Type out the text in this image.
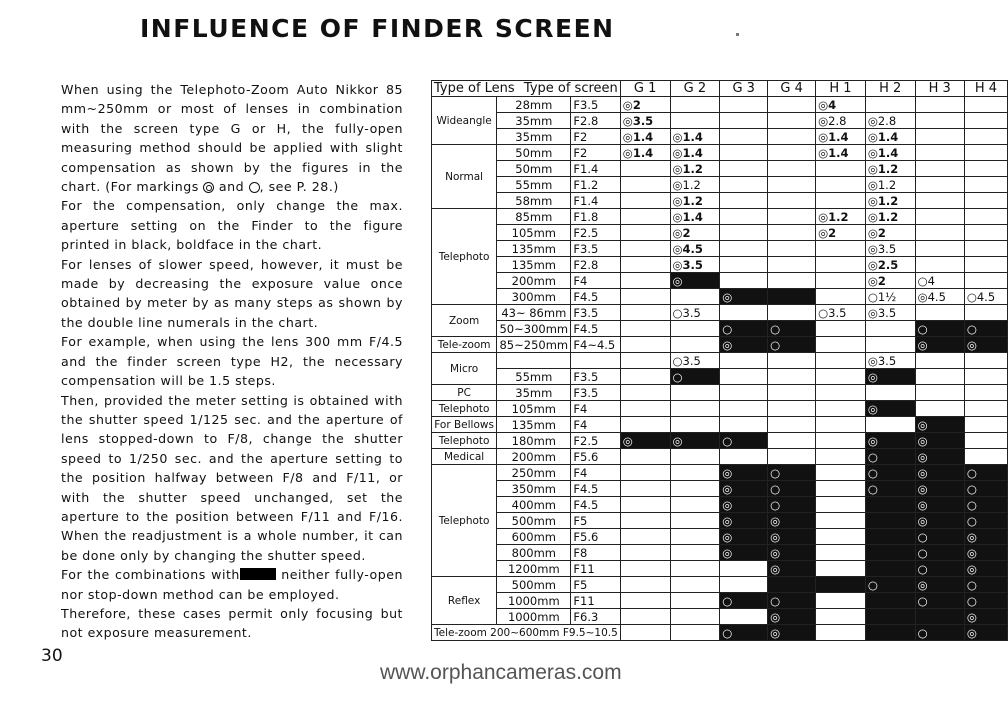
INFLUENCE OF FINDER SCREEN

When using the Telephoto-Zoom Auto Nikkor 85 mm~250mm or most of lenses in combination with the screen type G or H, the fully-open measuring method should be applied with slight compensation as shown by the figures in the chart. (For markings and , see P. 28.)

For the compensation, only change the max. aperture setting on the Finder to the figure printed in black, boldface in the chart.

For lenses of slower speed, however, it must be made by decreasing the exposure value once obtained by meter by as many steps as shown by the double line numerals in the chart.

For example, when using the lens 300 mm F/4.5 and the finder screen type H2, the necessary compensation will be 1.5 steps.

Then, provided the meter setting is obtained with the shutter speed 1/125 sec. and the aperture of lens stopped-down to F/8, change the shutter speed to 1/250 sec. and the aperture setting to the position halfway between F/8 and F/11, or with the shutter speed unchanged, set the aperture to the position between F/11 and F/16. When the readjustment is a whole number, it can be done only by changing the shutter speed.

For the combinations with	neither fully-open nor stop-down method can be employed.

Therefore, these cases permit only focusing but not exposure measurement.

30
Type of screen
Type of Lens			G 1	G 2	G 3	G 4	H 1	H 2	H 3	H 4
Wideangle	28mm	F3.5	◎2				◎4			
	35mm	F2.8	◎3.5				◎2.8	◎2.8		
	35mm	F2	◎1.4	◎1.4			◎1.4	◎1.4		
Normal	50mm	F2	◎1.4	◎1.4			◎1.4	◎1.4		
	50mm	F1.4		◎1.2				◎1.2		
	55mm	F1.2		◎1.2				◎1.2		
	58mm	F1.4		◎1.2				◎1.2		
Telephoto	85mm	F1.8		◎1.4			◎1.2	◎1.2		
	105mm	F2.5		◎2			◎2	◎2		
	135mm	F3.5		◎4.5				◎3.5		
	135mm	F2.8		◎3.5				◎2.5		
	200mm	F4		◎				◎2	○4	
	300mm	F4.5			◎			○1½	◎4.5	○4.5
Zoom	43~ 86mm	F3.5		○3.5			○3.5	◎3.5		
	50~300mm	F4.5			○	○			○	○
Tele-zoom	85~250mm	F4~4.5			◎	○			◎	◎
Micro				○3.5				◎3.5		
	55mm	F3.5		○				◎		
PC	35mm	F3.5								
Telephoto	105mm	F4						◎		
For Bellows	135mm	F4							◎	
Telephoto	180mm	F2.5	◎	◎	○			◎	◎	
Medical	200mm	F5.6						○	◎	
Telephoto	250mm	F4			◎	○		○	◎	○
	350mm	F4.5			◎	○		○	◎	○
	400mm	F4.5			◎	○			◎	○
	500mm	F5			◎	◎			◎	○
	600mm	F5.6			◎	◎			○	◎
	800mm	F8			◎	◎			○	◎
	1200mm	F11				◎			○	◎
Reflex	500mm	F5						○	◎	○
	1000mm	F11			○	○			○	○
	1000mm	F6.3				◎				◎
Tele-zoom 200~600mm F9.5~10.5					○	◎			○	◎
www.orphancameras.com
